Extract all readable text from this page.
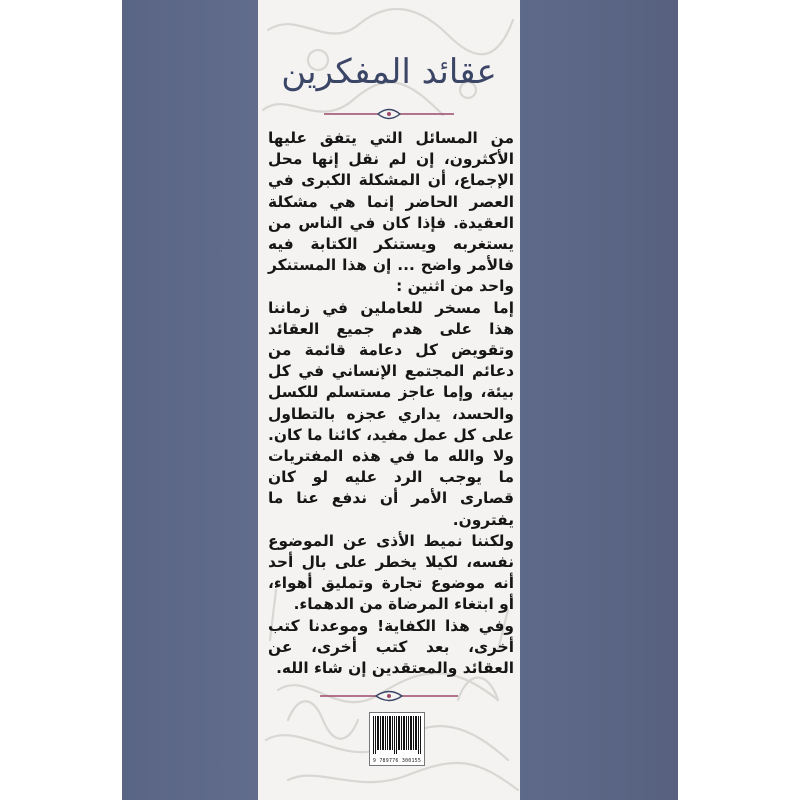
عقائد المفكرين

من المسائل التي يتفق عليها الأكثرون، إن لم نقل إنها محل الإجماع، أن المشكلة الكبرى في العصر الحاضر إنما هي مشكلة العقيدة. فإذا كان في الناس من يستغربه ويستنكر الكتابة فيه فالأمر واضح ... إن هذا المستنكر واحد من اثنين :

إما مسخر للعاملين في زماننا هذا على هدم جميع العقائد وتقويض كل دعامة قائمة من دعائم المجتمع الإنساني في كل بيئة، وإما عاجز مستسلم للكسل والحسد، يداري عجزه بالتطاول على كل عمل مفيد، كائنا ما كان. ولا والله ما في هذه المفتريات ما يوجب الرد عليه لو كان قصارى الأمر أن ندفع عنا ما يفترون.

ولكننا نميط الأذى عن الموضوع نفسه، لكيلا يخطر على بال أحد أنه موضوع تجارة وتمليق أهواء، أو ابتغاء المرضاة من الدهماء.

وفي هذا الكفاية! وموعدنا كتب أخرى، بعد كتب أخرى، عن العقائد والمعتقدين إن شاء الله.

9 789776 300155
